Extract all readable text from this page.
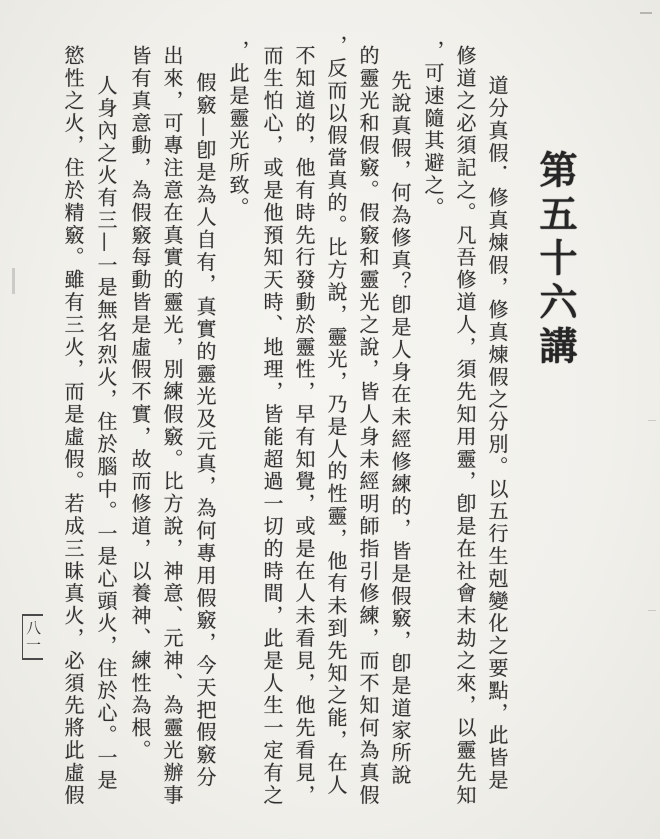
第五十六講
道分真假．修真煉假，修真煉假之分別。以五行生剋變化之要點，此皆是
修道之必須記之。凡吾修道人，須先知用靈，卽是在社會末劫之來，以靈先知
，可速隨其避之。
先說真假，何為修真？卽是人身在未經修練的，皆是假竅，卽是道家所說
的靈光和假竅。假竅和靈光之說，皆人身未經明師指引修練，而不知何為真假
，反而以假當真的。比方說，靈光，乃是人的性靈，他有未到先知之能，在人
不知道的，他有時先行發動於靈性，早有知覺，或是在人未看見，他先看見，
而生怕心，或是他預知天時、地理，皆能超過一切的時間，此是人生一定有之
，此是靈光所致。
假竅—卽是為人自有，真實的靈光及元真，為何專用假竅，今天把假竅分
出來，可專注意在真實的靈光，別練假竅。比方說，神意、元神、為靈光辦事
皆有真意動，為假竅每動皆是虛假不實，故而修道，以養神、練性為根。
人身內之火有三—一是無名烈火，住於腦中。一是心頭火，住於心。一是
慾性之火，住於精竅。雖有三火，而是虛假。若成三昧真火，必須先將此虛假
八一
